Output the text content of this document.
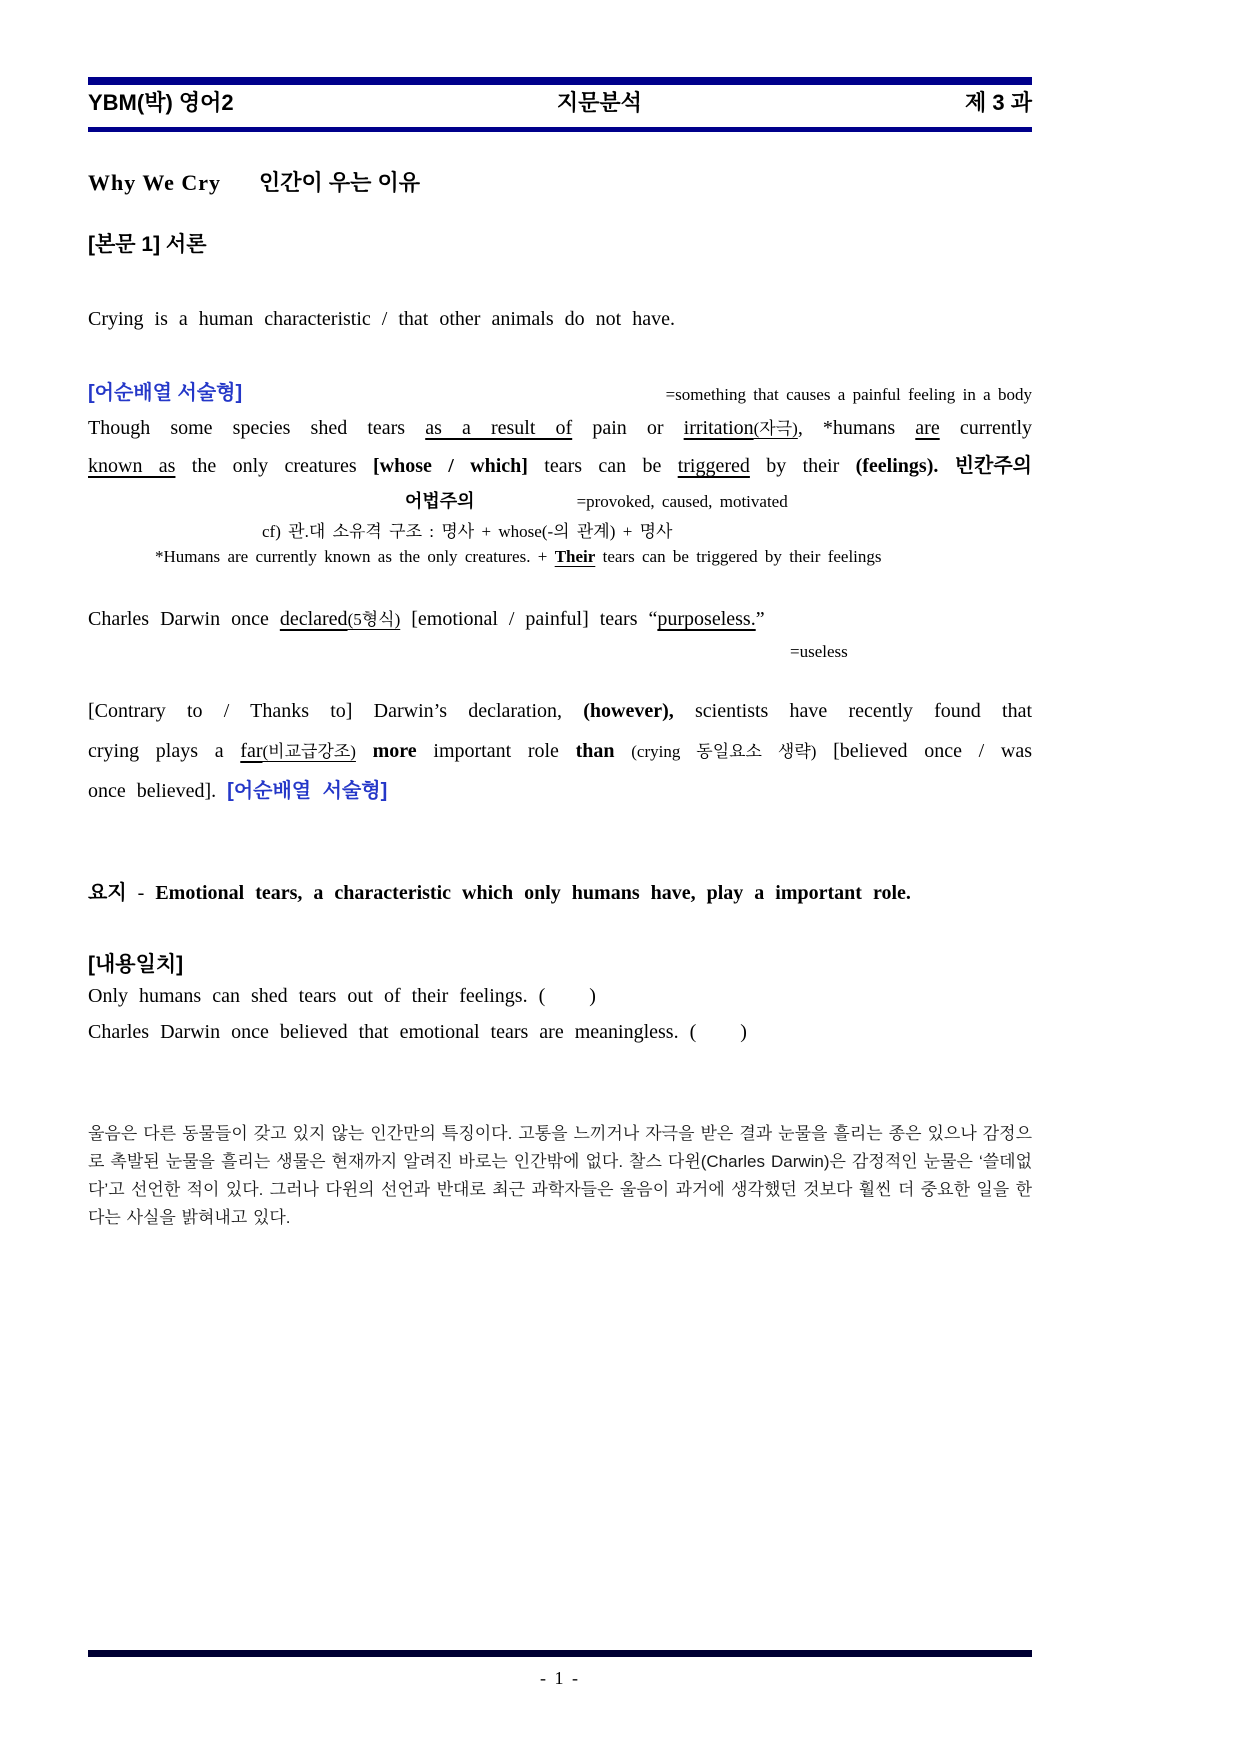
YBM(박) 영어2	지문분석	제 3 과
Why We Cry 인간이 우는 이유
[본문 1] 서론
Crying is a human characteristic / that other animals do not have.
[어순배열 서술형]	=something that causes a painful feeling in a body
Though some species shed tears as a result of pain or irritation(자극), *humans are currently
known as the only creatures [whose / which] tears can be triggered by their (feelings). 빈칸주의
어법주의	=provoked, caused, motivated
cf) 관.대 소유격 구조 : 명사 + whose(-의 관계) + 명사
*Humans are currently known as the only creatures. + Their tears can be triggered by their feelings
Charles Darwin once declared(5형식) [emotional / painful] tears “purposeless.”
=useless
[Contrary to / Thanks to] Darwin’s declaration, (however), scientists have recently found that
crying plays a far(비교급강조) more important role than (crying 동일요소 생략) [believed once / was
once believed]. [어순배열 서술형]
요지 - Emotional tears, a characteristic which only humans have, play a important role.
[내용일치]
Only humans can shed tears out of their feelings. (    )
Charles Darwin once believed that emotional tears are meaningless. (    )
울음은 다른 동물들이 갖고 있지 않는 인간만의 특징이다. 고통을 느끼거나 자극을 받은 결과 눈물을 흘리는 종은 있으나 감정으로 촉발된 눈물을 흘리는 생물은 현재까지 알려진 바로는 인간밖에 없다. 찰스 다윈(Charles Darwin)은 감정적인 눈물은 ‘쓸데없다’고 선언한 적이 있다. 그러나 다윈의 선언과 반대로 최근 과학자들은 울음이 과거에 생각했던 것보다 훨씬 더 중요한 일을 한다는 사실을 밝혀내고 있다.
- 1 -
